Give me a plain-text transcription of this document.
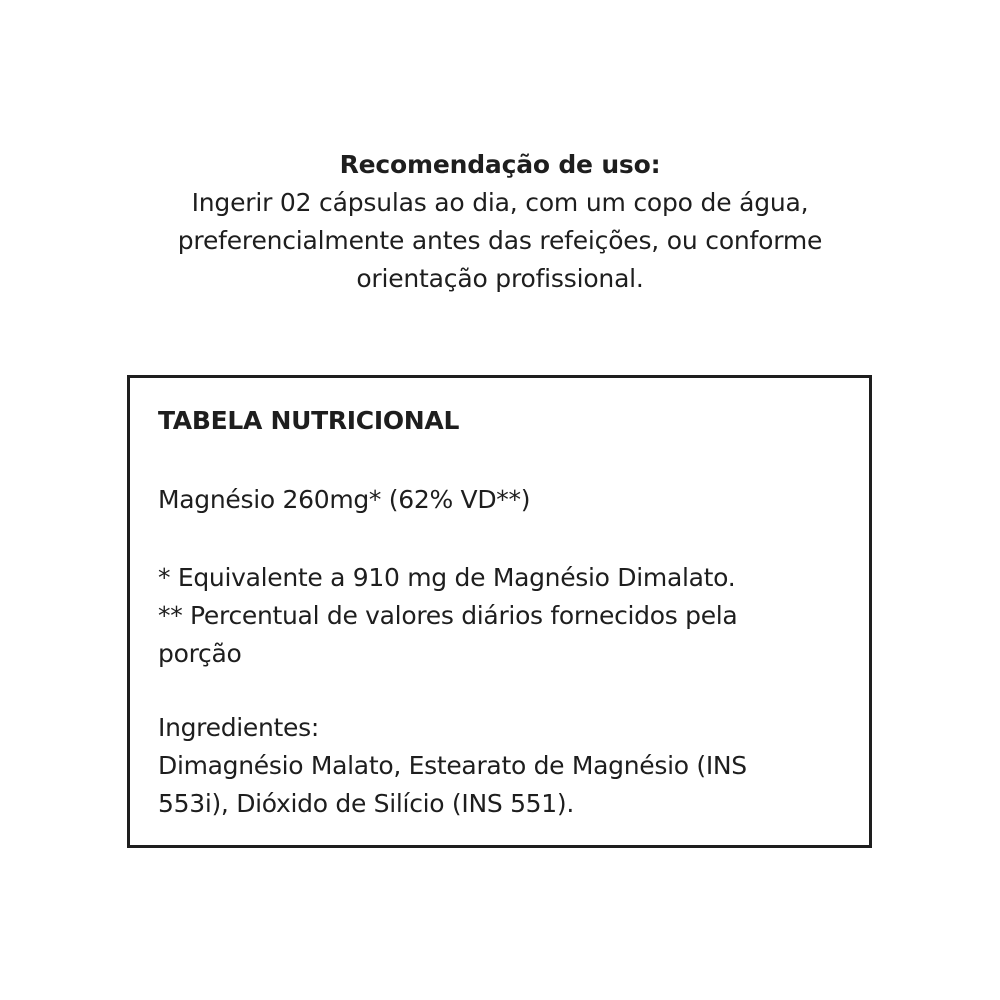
Recomendação de uso:
Ingerir 02 cápsulas ao dia, com um copo de água,
preferencialmente antes das refeições, ou conforme
orientação profissional.
TABELA NUTRICIONAL
Magnésio 260mg* (62% VD**)
* Equivalente a 910 mg de Magnésio Dimalato.
** Percentual de valores diários fornecidos pela
porção
Ingredientes:
Dimagnésio Malato, Estearato de Magnésio (INS
553i), Dióxido de Silício (INS 551).
